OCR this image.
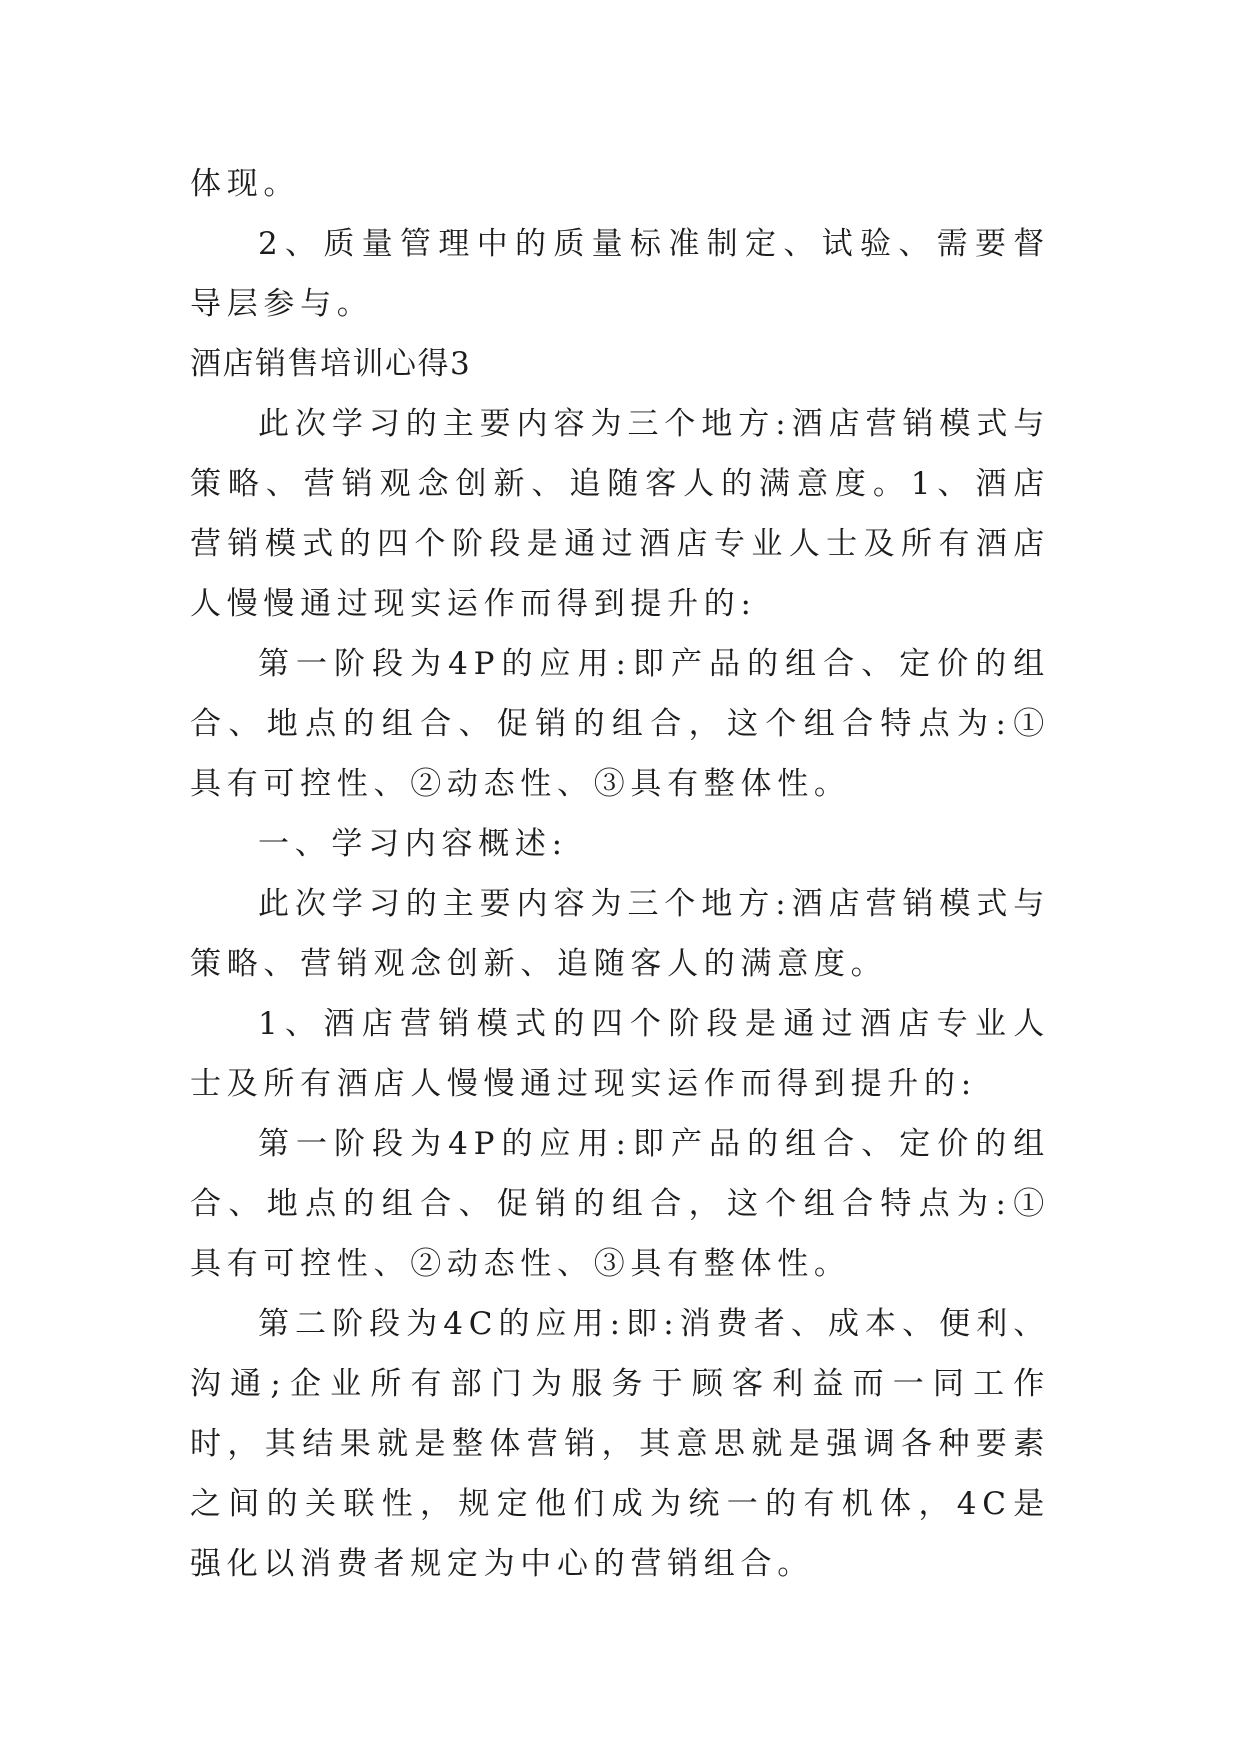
体现。

2、质量管理中的质量标准制定、试验、需要督导层参与。

酒店销售培训心得3

此次学习的主要内容为三个地方:酒店营销模式与策略、营销观念创新、追随客人的满意度。1、酒店营销模式的四个阶段是通过酒店专业人士及所有酒店人慢慢通过现实运作而得到提升的:

第一阶段为4P的应用:即产品的组合、定价的组合、地点的组合、促销的组合，这个组合特点为:①具有可控性、②动态性、③具有整体性。

一、学习内容概述:

此次学习的主要内容为三个地方:酒店营销模式与策略、营销观念创新、追随客人的满意度。

1、酒店营销模式的四个阶段是通过酒店专业人士及所有酒店人慢慢通过现实运作而得到提升的:

第一阶段为4P的应用:即产品的组合、定价的组合、地点的组合、促销的组合，这个组合特点为:①具有可控性、②动态性、③具有整体性。

第二阶段为4C的应用:即:消费者、成本、便利、沟通;企业所有部门为服务于顾客利益而一同工作时，其结果就是整体营销，其意思就是强调各种要素之间的关联性，规定他们成为统一的有机体，4C是强化以消费者规定为中心的营销组合。
